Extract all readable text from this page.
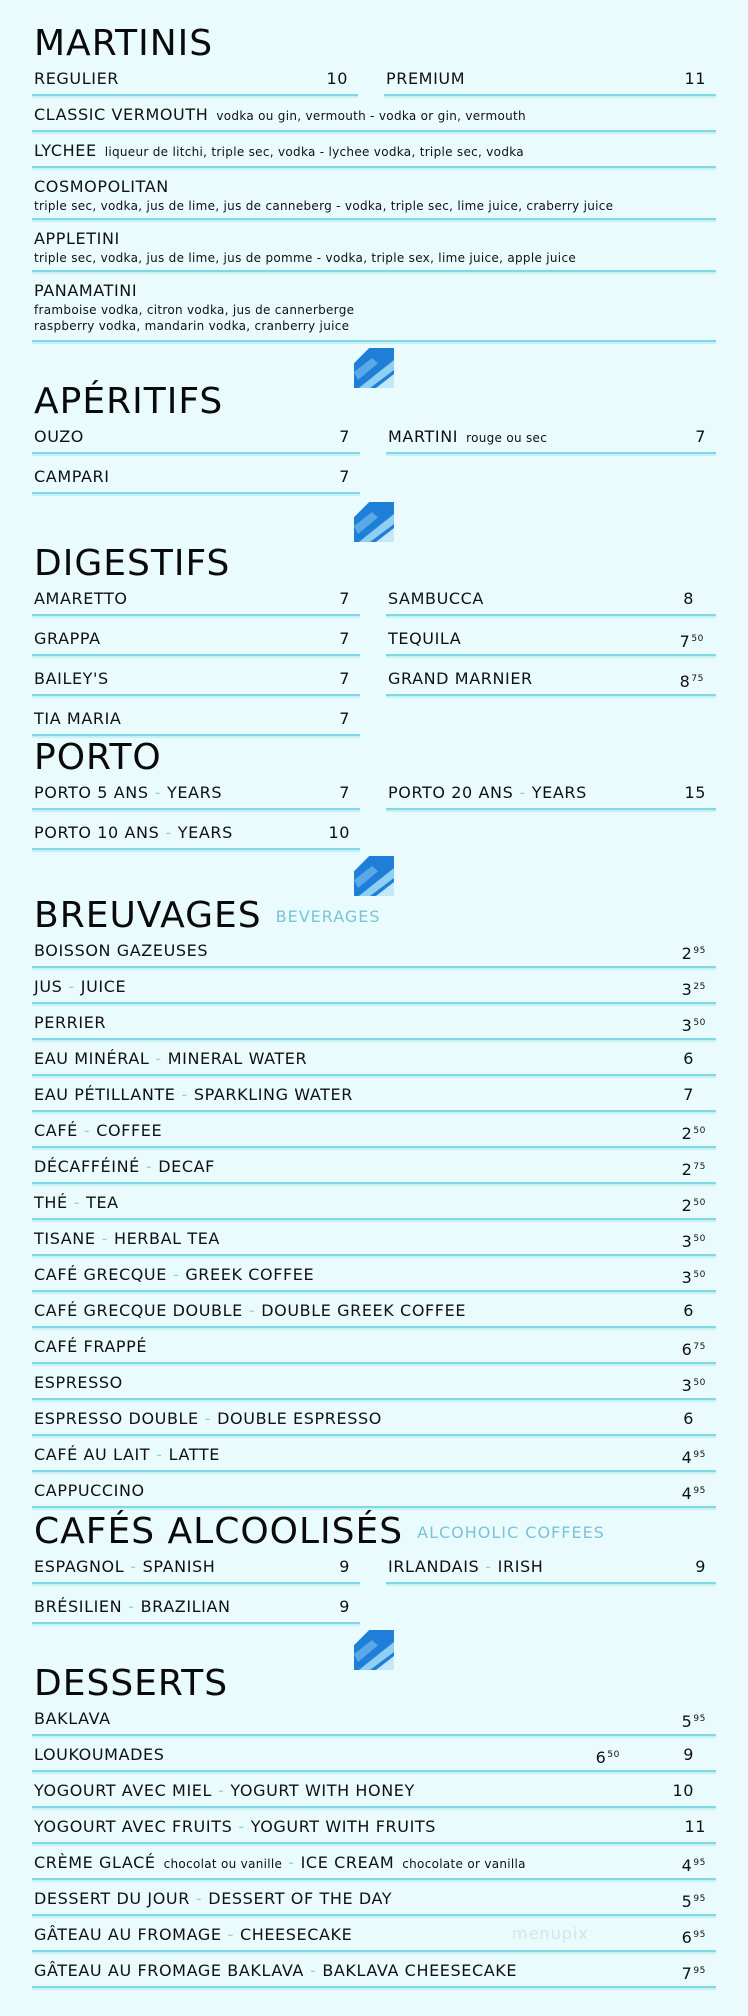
MARTINIS
REGULIER	10 PREMIUM	11
CLASSIC VERMOUTH vodka ou gin, vermouth - vodka or gin, vermouth
LYCHEE liqueur de litchi, triple sec, vodka - lychee vodka, triple sec, vodka
COSMOPOLITAN
triple sec, vodka, jus de lime, jus de canneberg - vodka, triple sec, lime juice, craberry juice
APPLETINI
triple sec, vodka, jus de lime, jus de pomme - vodka, triple sex, lime juice, apple juice
PANAMATINI
framboise vodka, citron vodka, jus de cannerberge
raspberry vodka, mandarin vodka, cranberry juice
APÉRITIFS
OUZO	7 MARTINI rouge ou sec	7
CAMPARI	7
DIGESTIFS
AMARETTO	7 SAMBUCCA	8
GRAPPA	7 TEQUILA	$7^{50}$
BAILEY'S	7 GRAND MARNIER	$8^{75}$
TIA MARIA	7
PORTO
PORTO 5 ANS - YEARS	7 PORTO 20 ANS - YEARS	15
PORTO 10 ANS - YEARS	10
BREUVAGES BEVERAGES
BOISSON GAZEUSES	$2^{95}$
JUS - JUICE	$3^{25}$
PERRIER	$3^{50}$
EAU MINÉRAL - MINERAL WATER	6
EAU PÉTILLANTE - SPARKLING WATER	7
CAFÉ - COFFEE	$2^{50}$
DÉCAFFÉINÉ - DECAF	$2^{75}$
THÉ - TEA	$2^{50}$
TISANE - HERBAL TEA	$3^{50}$
CAFÉ GRECQUE - GREEK COFFEE	$3^{50}$
CAFÉ GRECQUE DOUBLE - DOUBLE GREEK COFFEE	6
CAFÉ FRAPPÉ	$6^{75}$
ESPRESSO	$3^{50}$
ESPRESSO DOUBLE - DOUBLE ESPRESSO	6
CAFÉ AU LAIT - LATTE	$4^{95}$
CAPPUCCINO	$4^{95}$
CAFÉS ALCOOLISÉS ALCOHOLIC COFFEES
ESPAGNOL - SPANISH	9 IRLANDAIS - IRISH	9
BRÉSILIEN - BRAZILIAN	9
DESSERTS
BAKLAVA	$5^{95}$
LOUKOUMADES	$6^{50}$	9
YOGOURT AVEC MIEL - YOGURT WITH HONEY	10
YOGOURT AVEC FRUITS - YOGURT WITH FRUITS	11
CRÈME GLACÉ chocolat ou vanille - ICE CREAM chocolate or vanilla	$4^{95}$
DESSERT DU JOUR - DESSERT OF THE DAY	$5^{95}$
GÂTEAU AU FROMAGE - CHEESECAKE	$6^{95}$
GÂTEAU AU FROMAGE BAKLAVA - BAKLAVA CHEESECAKE	$7^{95}$
menupix
